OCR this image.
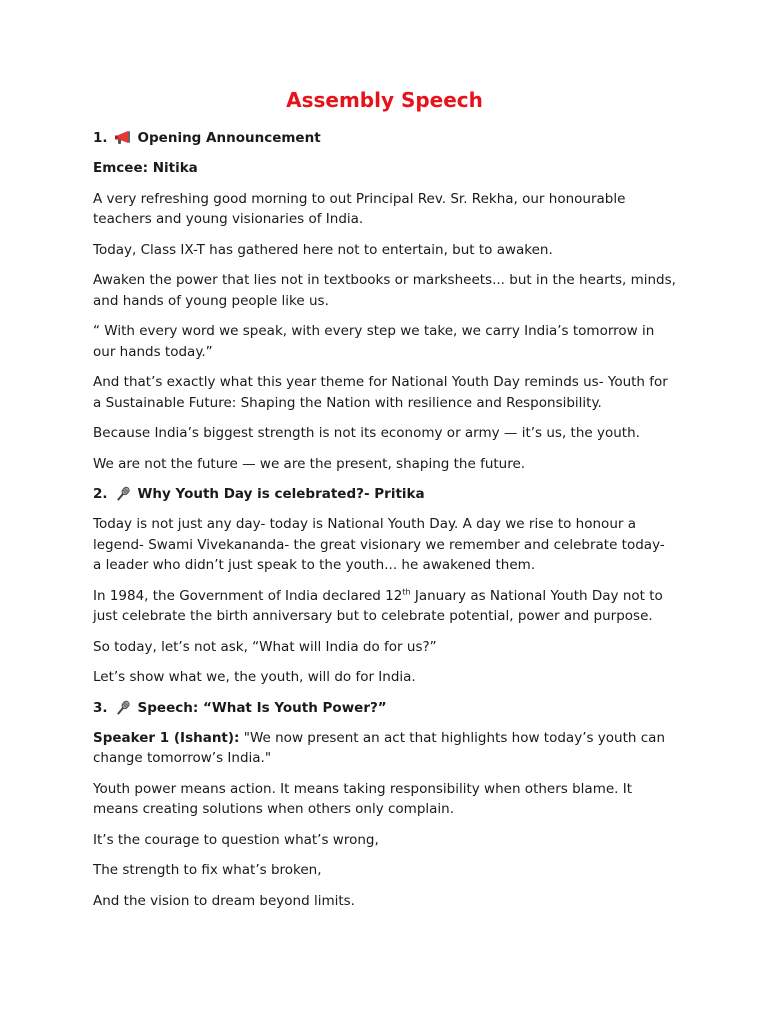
Assembly Speech
1. Opening Announcement

Emcee: Nitika

A very refreshing good morning to out Principal Rev. Sr. Rekha, our honourable teachers and young visionaries of India.

Today, Class IX-T has gathered here not to entertain, but to awaken.

Awaken the power that lies not in textbooks or marksheets... but in the hearts, minds, and hands of young people like us.

“ With every word we speak, with every step we take, we carry India’s tomorrow in our hands today.”

And that’s exactly what this year theme for National Youth Day reminds us- Youth for a Sustainable Future: Shaping the Nation with resilience and Responsibility.

Because India’s biggest strength is not its economy or army — it’s us, the youth.

We are not the future — we are the present, shaping the future.

2. Why Youth Day is celebrated?- Pritika

Today is not just any day- today is National Youth Day. A day we rise to honour a legend- Swami Vivekananda- the great visionary we remember and celebrate today- a leader who didn’t just speak to the youth... he awakened them.

In 1984, the Government of India declared 12th January as National Youth Day not to just celebrate the birth anniversary but to celebrate potential, power and purpose.

So today, let’s not ask, “What will India do for us?”

Let’s show what we, the youth, will do for India.

3. Speech: “What Is Youth Power?”

Speaker 1 (Ishant): "We now present an act that highlights how today’s youth can change tomorrow’s India."

Youth power means action. It means taking responsibility when others blame. It means creating solutions when others only complain.

It’s the courage to question what’s wrong,

The strength to fix what’s broken,

And the vision to dream beyond limits.
